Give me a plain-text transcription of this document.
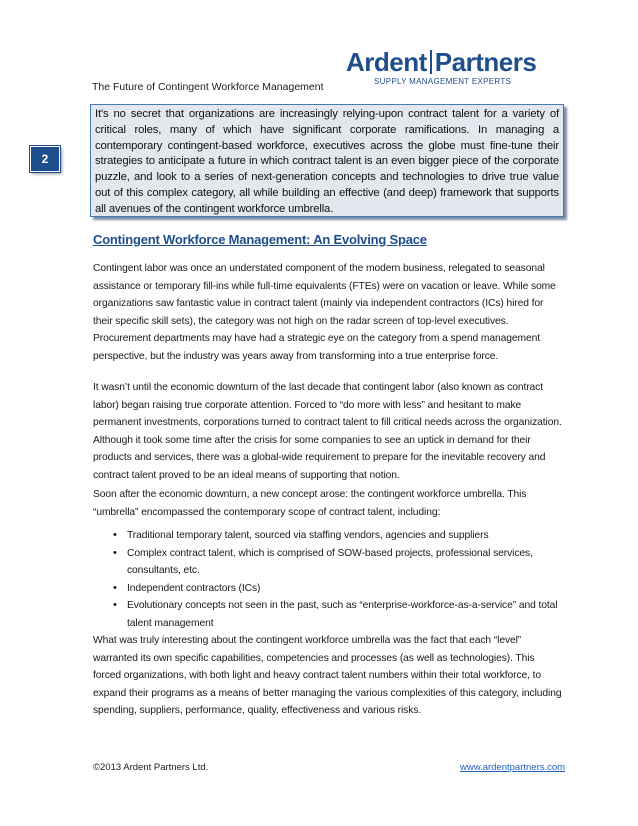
The Future of Contingent Workforce Management
Ardent Partners
SUPPLY MANAGEMENT EXPERTS
2
It's no secret that organizations are increasingly relying-upon contract talent for a variety of critical roles, many of which have significant corporate ramifications. In managing a contemporary contingent-based workforce, executives across the globe must fine-tune their strategies to anticipate a future in which contract talent is an even bigger piece of the corporate puzzle, and look to a series of next-generation concepts and technologies to drive true value out of this complex category, all while building an effective (and deep) framework that supports all avenues of the contingent workforce umbrella.
Contingent Workforce Management: An Evolving Space
Contingent labor was once an understated component of the modern business, relegated to seasonal assistance or temporary fill-ins while full-time equivalents (FTEs) were on vacation or leave. While some organizations saw fantastic value in contract talent (mainly via independent contractors (ICs) hired for their specific skill sets), the category was not high on the radar screen of top-level executives. Procurement departments may have had a strategic eye on the category from a spend management perspective, but the industry was years away from transforming into a true enterprise force.
It wasn’t until the economic downturn of the last decade that contingent labor (also known as contract labor) began raising true corporate attention. Forced to “do more with less” and hesitant to make permanent investments, corporations turned to contract talent to fill critical needs across the organization. Although it took some time after the crisis for some companies to see an uptick in demand for their products and services, there was a global-wide requirement to prepare for the inevitable recovery and contract talent proved to be an ideal means of supporting that notion.
Soon after the economic downturn, a new concept arose: the contingent workforce umbrella. This “umbrella” encompassed the contemporary scope of contract talent, including:
• Traditional temporary talent, sourced via staffing vendors, agencies and suppliers
• Complex contract talent, which is comprised of SOW-based projects, professional services, consultants, etc.
• Independent contractors (ICs)
• Evolutionary concepts not seen in the past, such as “enterprise-workforce-as-a-service” and total talent management
What was truly interesting about the contingent workforce umbrella was the fact that each “level” warranted its own specific capabilities, competencies and processes (as well as technologies). This forced organizations, with both light and heavy contract talent numbers within their total workforce, to expand their programs as a means of better managing the various complexities of this category, including spending, suppliers, performance, quality, effectiveness and various risks.
©2013 Ardent Partners Ltd.	www.ardentpartners.com
